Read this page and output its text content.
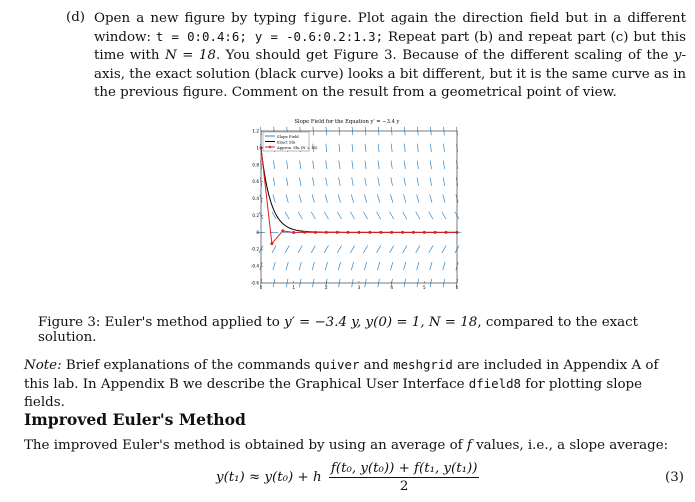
(d) Open a new figure by typing figure. Plot again the direction field but in a different window: t = 0:0.4:6; y = -0.6:0.2:1.3; Repeat part (b) and repeat part (c) but this time with N = 18. You should get Figure 3. Because of the different scaling of the y-axis, the exact solution (black curve) looks a bit different, but it is the same curve as in the previous figure. Comment on the result from a geometrical point of view.
Slope Field for the Equation y′ = −3.4 y
0	1	2	3	4	5	6
-0.6
-0.4
-0.2
0
0.2
0.4
0.6
0.8
1
1.2
Slope Field
Exact Sln
Approx. Sln (N = 18)
Figure 3: Euler's method applied to y′ = −3.4 y, y(0) = 1, N = 18, compared to the exact solution.
Note: Brief explanations of the commands quiver and meshgrid are included in Appendix A of this lab. In Appendix B we describe the Graphical User Interface dfield8 for plotting slope fields.
Improved Euler's Method
The improved Euler's method is obtained by using an average of f values, i.e., a slope average:
y(t₁) ≈ y(t₀) + h $\frac{\text{f(t₀, y(t₀)) + f(t₁, y(t₁))}}{2}$	(3)
